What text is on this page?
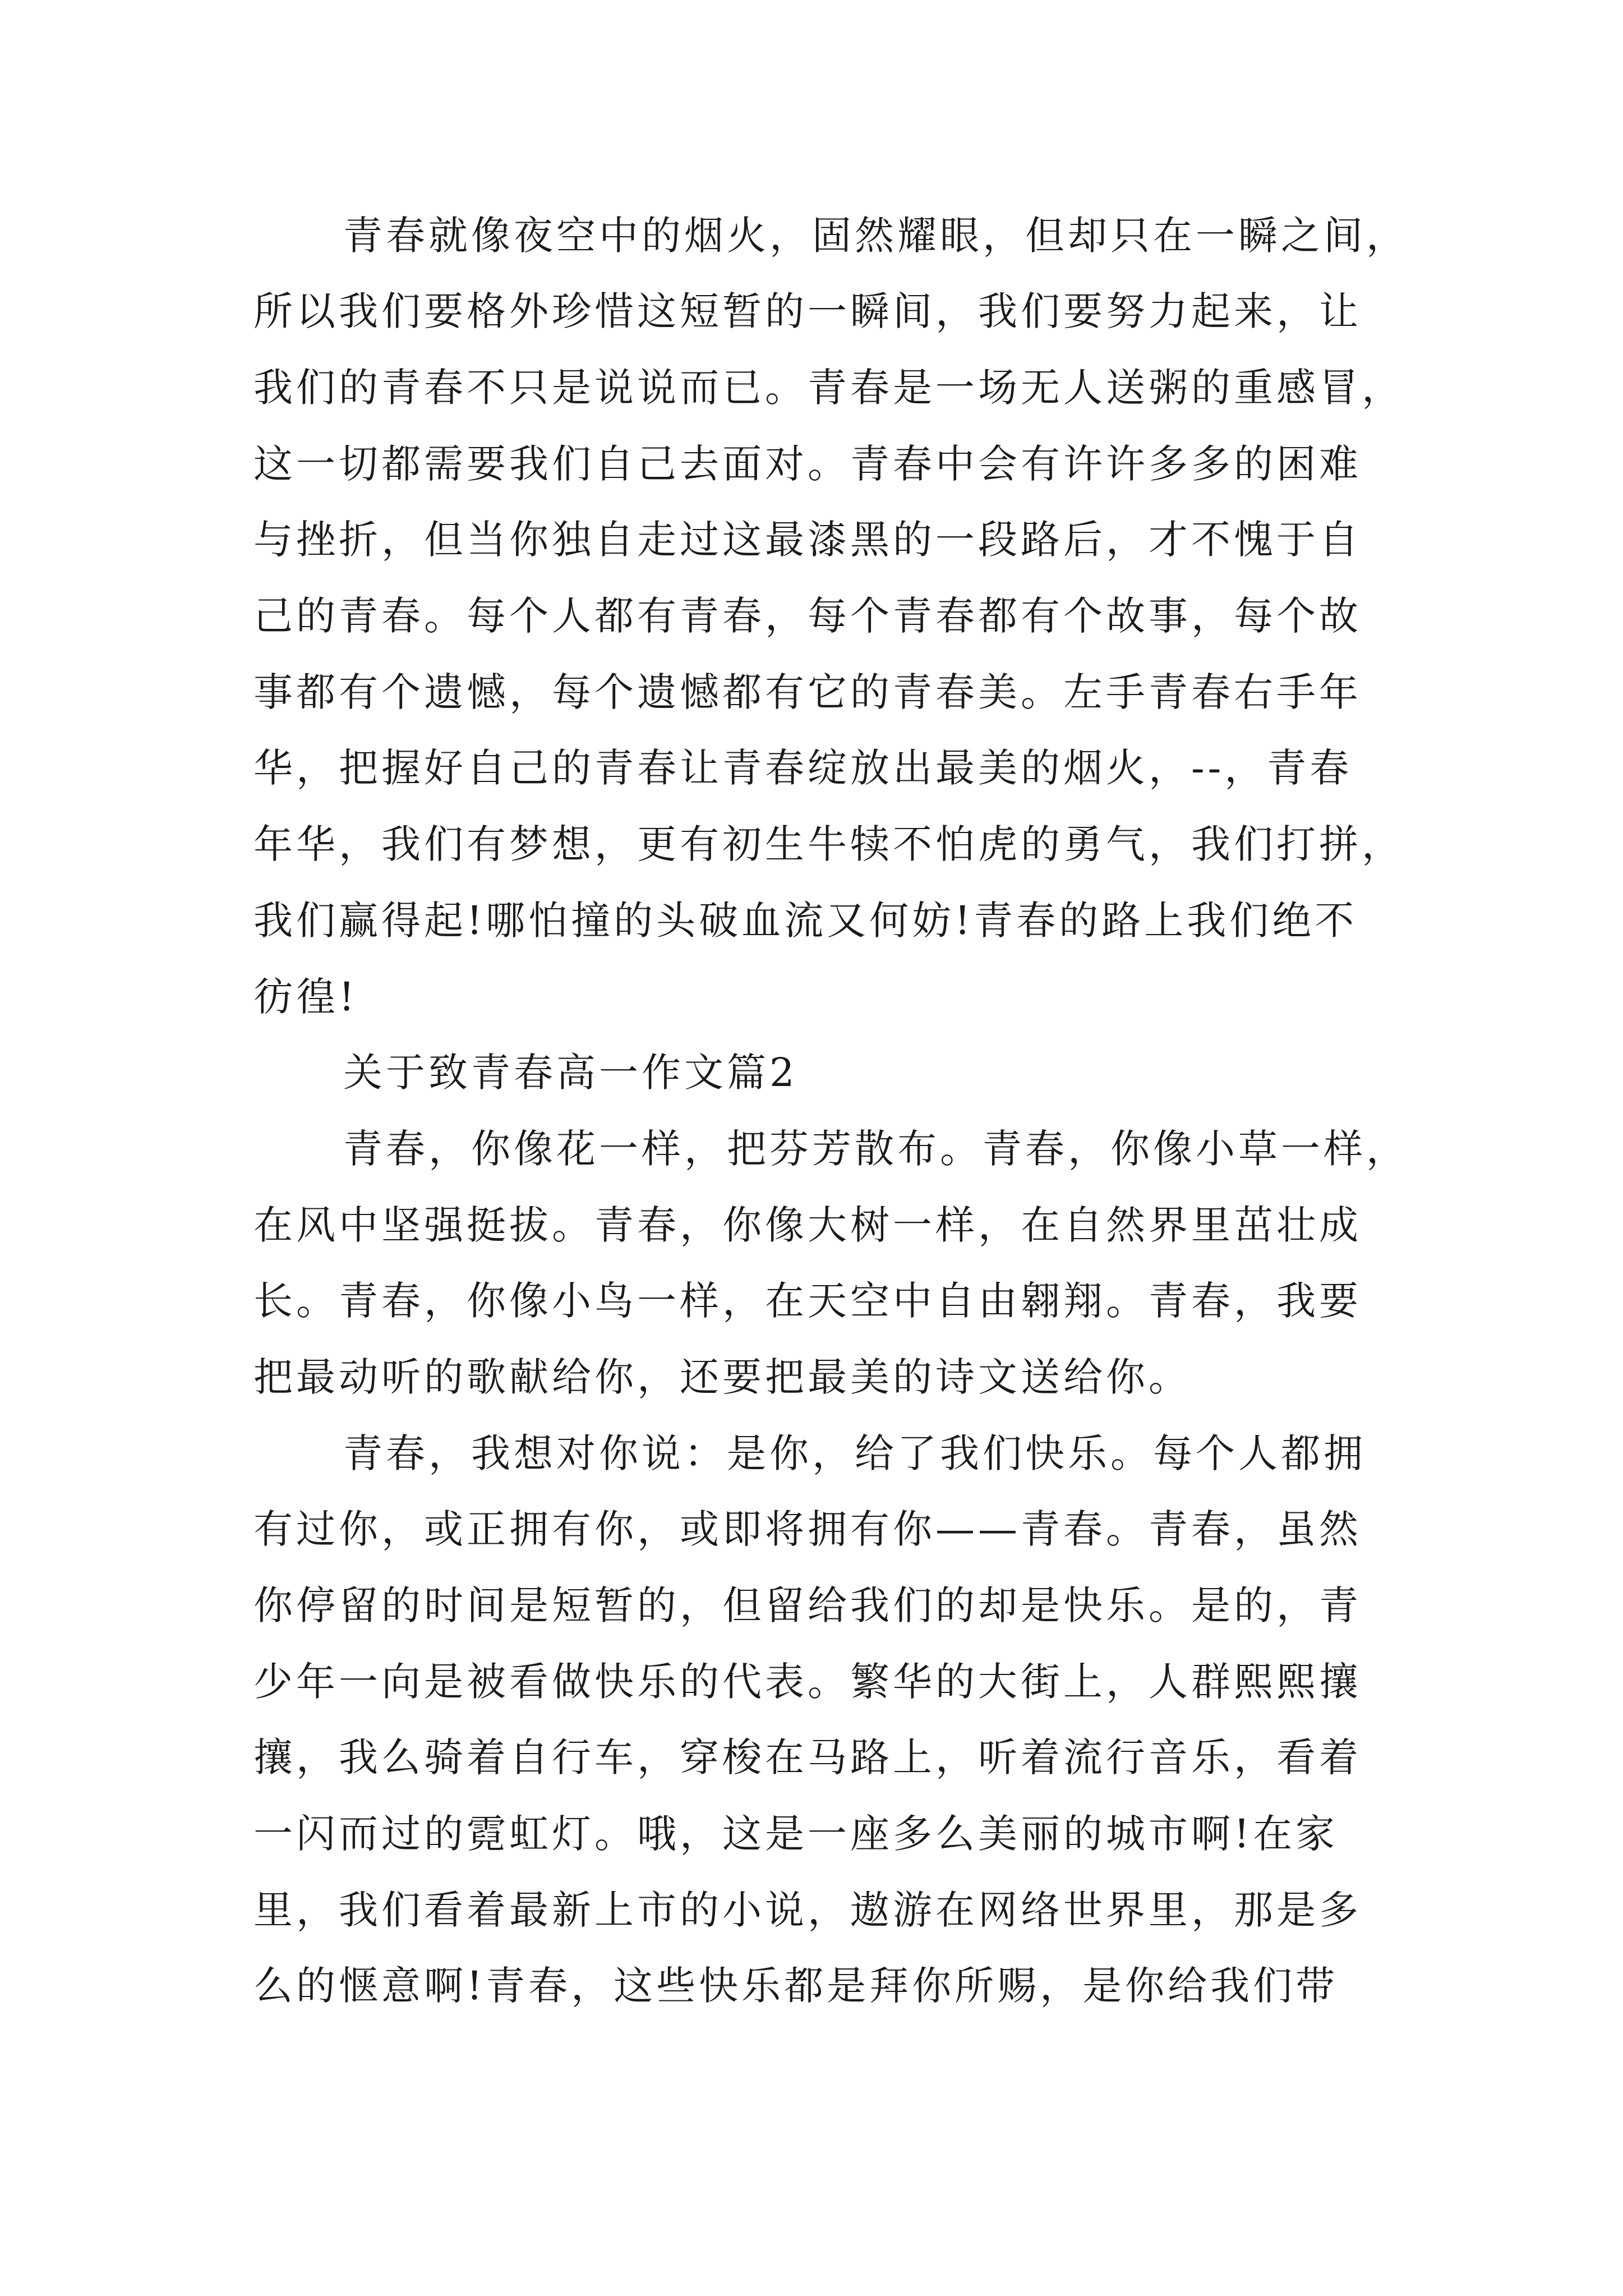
青春就像夜空中的烟火，固然耀眼，但却只在一瞬之间，
所以我们要格外珍惜这短暂的一瞬间，我们要努力起来，让
我们的青春不只是说说而已。青春是一场无人送粥的重感冒，
这一切都需要我们自己去面对。青春中会有许许多多的困难
与挫折，但当你独自走过这最漆黑的一段路后，才不愧于自
己的青春。每个人都有青春，每个青春都有个故事，每个故
事都有个遗憾，每个遗憾都有它的青春美。左手青春右手年
华，把握好自己的青春让青春绽放出最美的烟火，--，青春
年华，我们有梦想，更有初生牛犊不怕虎的勇气，我们打拼，
我们赢得起!哪怕撞的头破血流又何妨!青春的路上我们绝不
彷徨!
关于致青春高一作文篇2
青春，你像花一样，把芬芳散布。青春，你像小草一样，
在风中坚强挺拔。青春，你像大树一样，在自然界里茁壮成
长。青春，你像小鸟一样，在天空中自由翱翔。青春，我要
把最动听的歌献给你，还要把最美的诗文送给你。
青春，我想对你说：是你，给了我们快乐。每个人都拥
有过你，或正拥有你，或即将拥有你——青春。青春，虽然
你停留的时间是短暂的，但留给我们的却是快乐。是的，青
少年一向是被看做快乐的代表。繁华的大街上，人群熙熙攘
攘，我么骑着自行车，穿梭在马路上，听着流行音乐，看着
一闪而过的霓虹灯。哦，这是一座多么美丽的城市啊!在家
里，我们看着最新上市的小说，遨游在网络世界里，那是多
么的惬意啊!青春，这些快乐都是拜你所赐，是你给我们带
